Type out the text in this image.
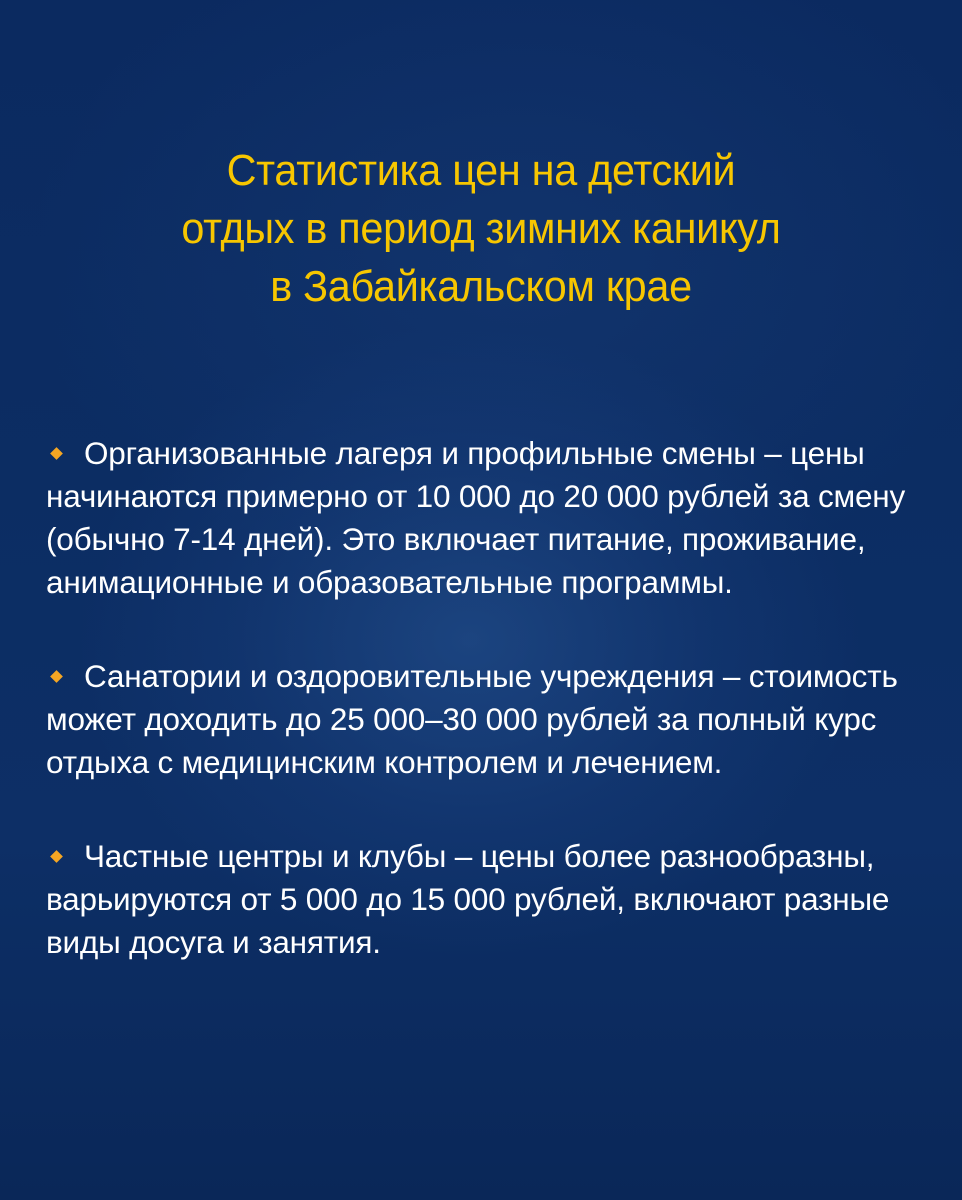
Статистика цен на детский
отдых в период зимних каникул
в Забайкальском крае
Организованные лагеря и профильные смены – цены начинаются примерно от 10 000 до 20 000 рублей за смену (обычно 7-14 дней). Это включает питание, проживание, анимационные и образовательные программы.
Санатории и оздоровительные учреждения – стоимость может доходить до 25 000–30 000 рублей за полный курс отдыха с медицинским контролем и лечением.
Частные центры и клубы – цены более разнообразны, варьируются от 5 000 до 15 000 рублей, включают разные виды досуга и занятия.
